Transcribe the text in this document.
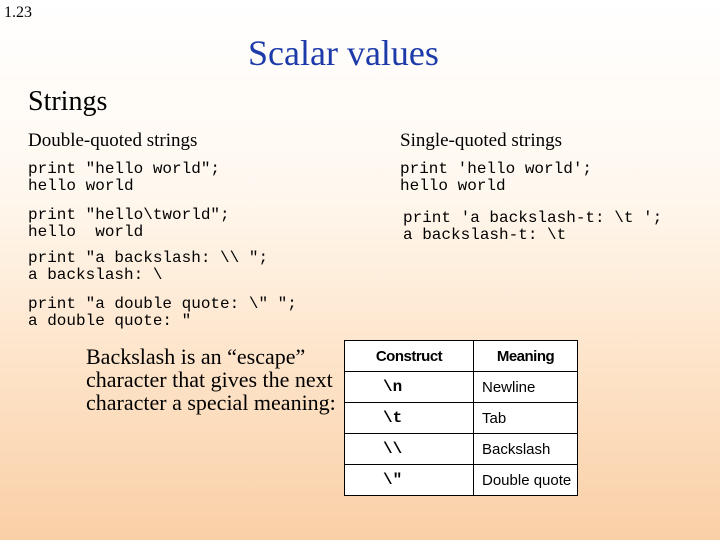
1.23
Scalar values
Strings
Double-quoted strings	Single-quoted strings
print "hello world";
hello world
print "hello\tworld";
hello  world
print "a backslash: \\ ";
a backslash: \
print "a double quote: \" ";
a double quote: "
print 'hello world';
hello world
print 'a backslash-t: \t ';
a backslash-t: \t
Backslash is an “escape” character that gives the next character a special meaning:
Construct	Meaning
\n	Newline
\t	Tab
\\	Backslash
\"	Double quote
